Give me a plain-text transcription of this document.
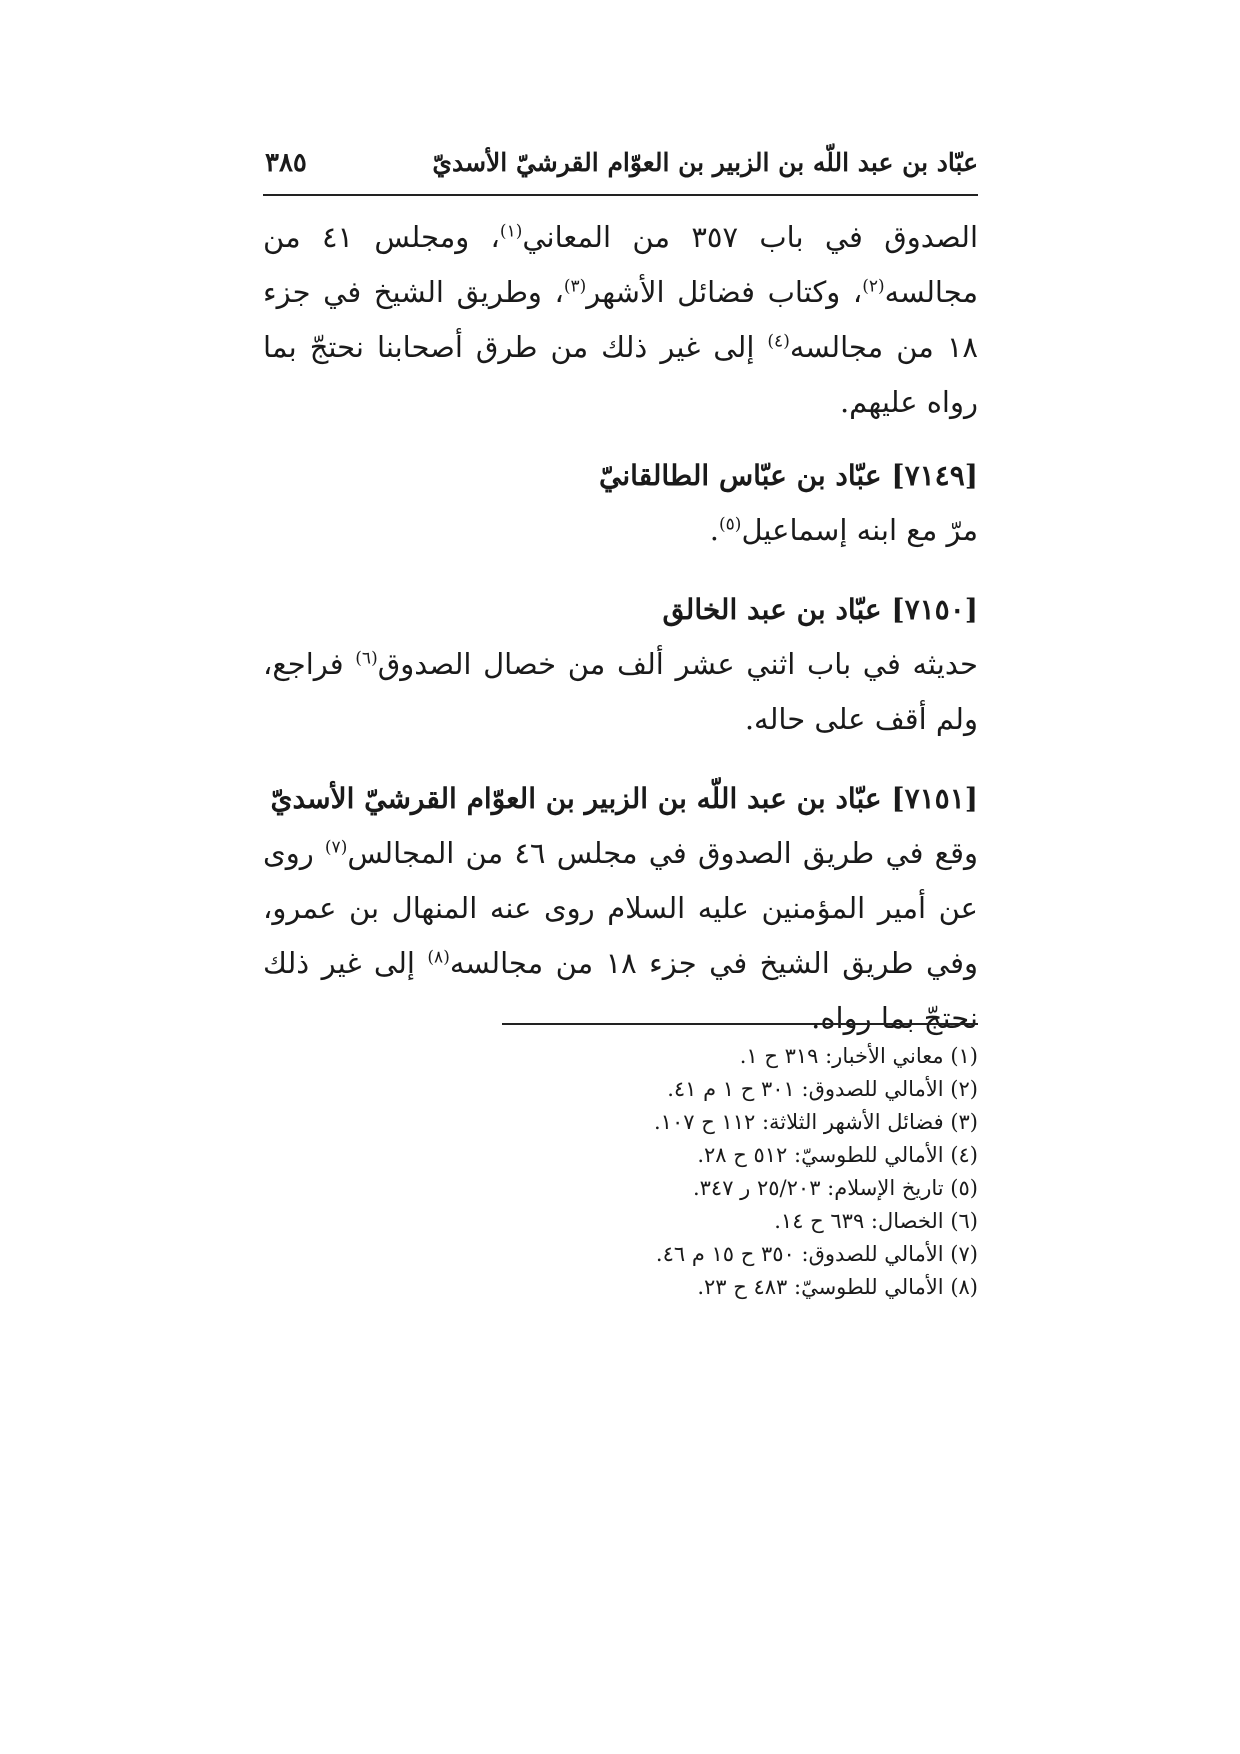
عبّاد بن عبد اللّه بن الزبير بن العوّام القرشيّ الأسديّ
٣٨٥

الصدوق في باب ٣٥٧ من المعاني$^{(١)}$، ومجلس ٤١ من مجالسه$^{(٢)}$، وكتاب فضائل الأشهر$^{(٣)}$، وطريق الشيخ في جزء ١٨ من مجالسه$^{(٤)}$ إلى غير ذلك من طرق أصحابنا نحتجّ بما رواه عليهم.

[٧١٤٩] عبّاد بن عبّاس الطالقانيّ

مرّ مع ابنه إسماعيل$^{(٥)}$.

[٧١٥٠] عبّاد بن عبد الخالق

حديثه في باب اثني عشر ألف من خصال الصدوق$^{(٦)}$ فراجع، ولم أقف على حاله.

[٧١٥١] عبّاد بن عبد اللّه بن الزبير بن العوّام القرشيّ الأسديّ

وقع في طريق الصدوق في مجلس ٤٦ من المجالس$^{(٧)}$ روى عن أمير المؤمنين عليه السلام روى عنه المنهال بن عمرو، وفي طريق الشيخ في جزء ١٨ من مجالسه$^{(٨)}$ إلى غير ذلك نحتجّ بما رواه.

(١) معاني الأخبار: ٣١٩ ح ١.
(٢) الأمالي للصدوق: ٣٠١ ح ١ م ٤١.
(٣) فضائل الأشهر الثلاثة: ١١٢ ح ١٠٧.
(٤) الأمالي للطوسيّ: ٥١٢ ح ٢٨.
(٥) تاريخ الإسلام: ٢٥/٢٠٣ ر ٣٤٧.
(٦) الخصال: ٦٣٩ ح ١٤.
(٧) الأمالي للصدوق: ٣٥٠ ح ١٥ م ٤٦.
(٨) الأمالي للطوسيّ: ٤٨٣ ح ٢٣.
